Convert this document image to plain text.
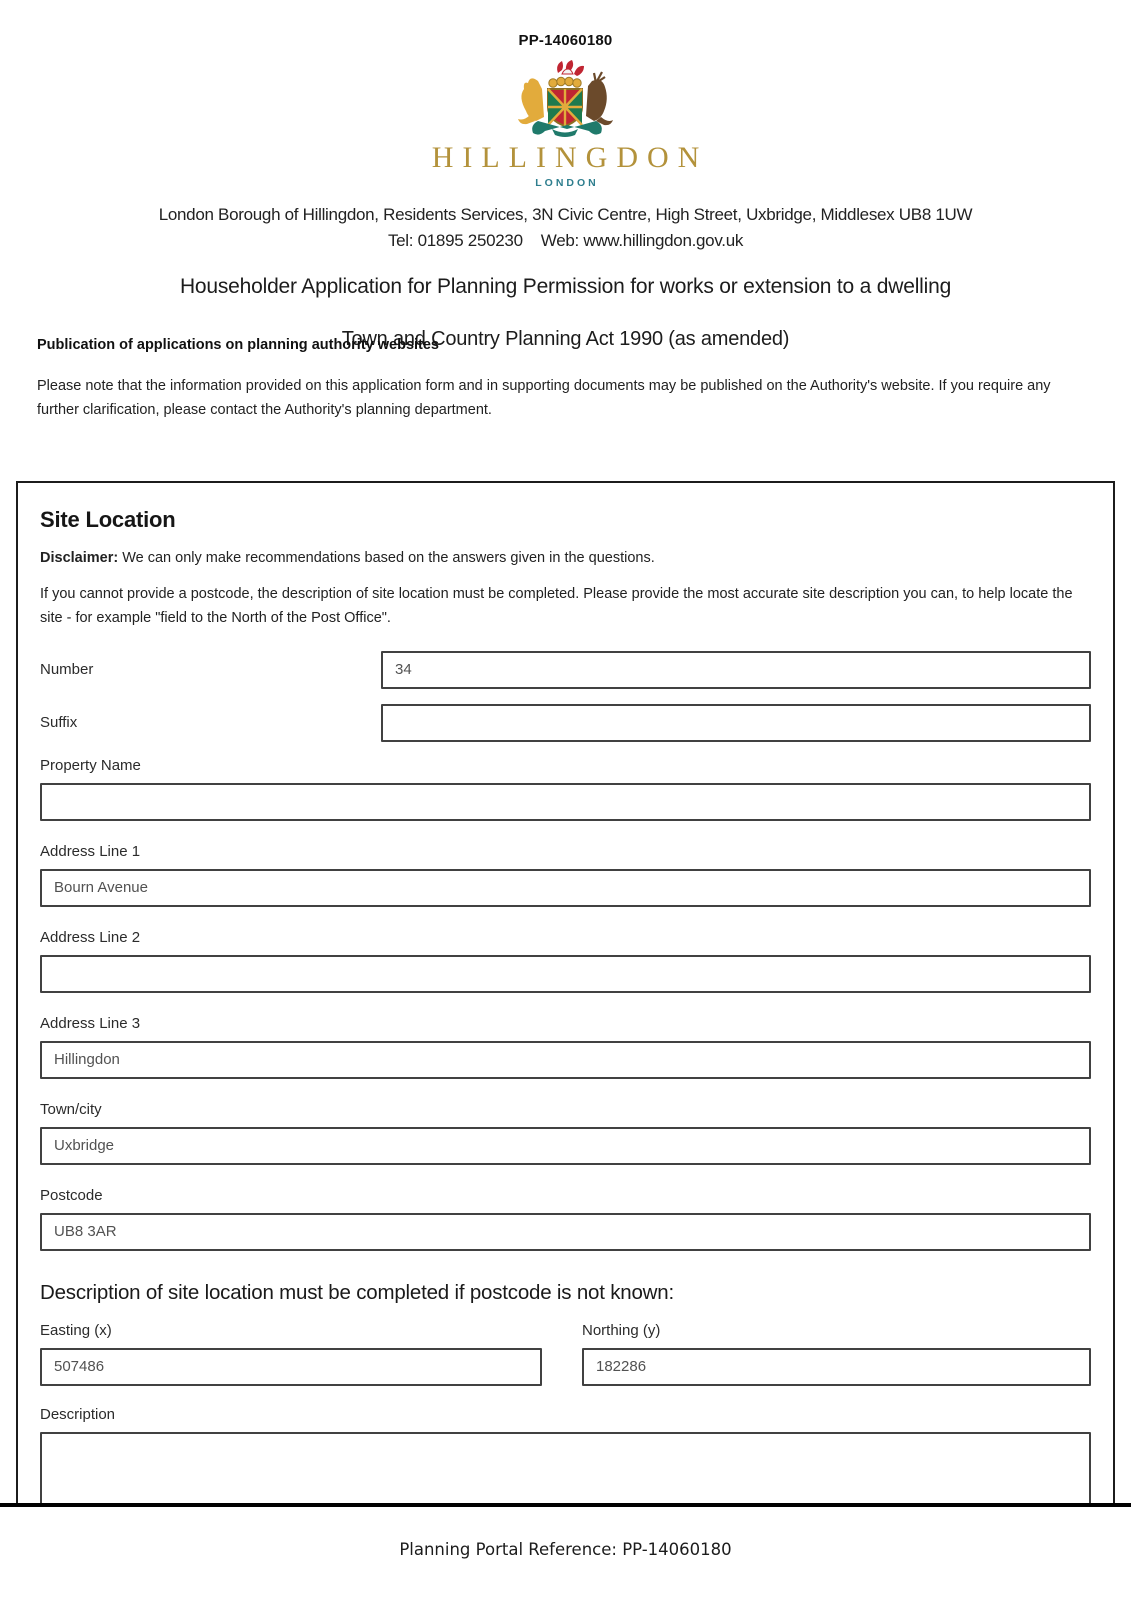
PP-14060180
HILLINGDON
LONDON
London Borough of Hillingdon, Residents Services, 3N Civic Centre, High Street, Uxbridge, Middlesex UB8 1UW
Tel: 01895 250230 Web: www.hillingdon.gov.uk
Householder Application for Planning Permission for works or extension to a dwelling
Town and Country Planning Act 1990 (as amended)
Publication of applications on planning authority websites
Please note that the information provided on this application form and in supporting documents may be published on the Authority's website. If you require any further clarification, please contact the Authority's planning department.
Site Location
Disclaimer: We can only make recommendations based on the answers given in the questions.
If you cannot provide a postcode, the description of site location must be completed. Please provide the most accurate site description you can, to help locate the site - for example "field to the North of the Post Office".
Number
34
Suffix
Property Name
Address Line 1
Bourn Avenue
Address Line 2
Address Line 3
Hillingdon
Town/city
Uxbridge
Postcode
UB8 3AR
Description of site location must be completed if postcode is not known:
Easting (x)
507486	Northing (y)
182286
Description
Planning Portal Reference: PP-14060180
